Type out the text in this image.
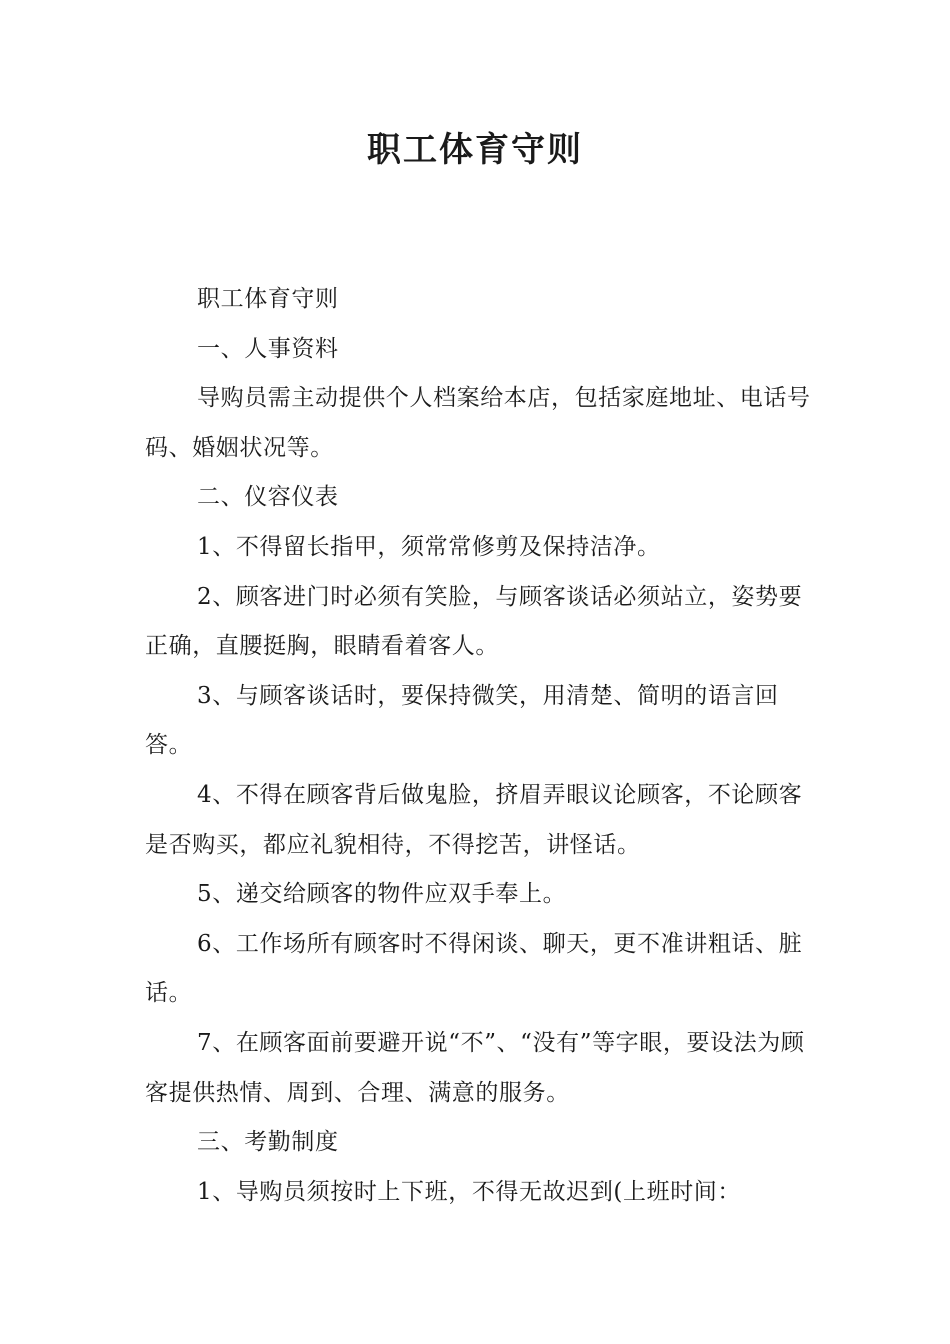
职工体育守则

职工体育守则

一、人事资料

导购员需主动提供个人档案给本店，包括家庭地址、电话号码、婚姻状况等。

二、仪容仪表

1、不得留长指甲，须常常修剪及保持洁净。

2、顾客进门时必须有笑脸，与顾客谈话必须站立，姿势要正确，直腰挺胸，眼睛看着客人。

3、与顾客谈话时，要保持微笑，用清楚、简明的语言回答。

4、不得在顾客背后做鬼脸，挤眉弄眼议论顾客，不论顾客是否购买，都应礼貌相待，不得挖苦，讲怪话。

5、递交给顾客的物件应双手奉上。

6、工作场所有顾客时不得闲谈、聊天，更不准讲粗话、脏话。

7、在顾客面前要避开说“不”、“没有”等字眼，要设法为顾客提供热情、周到、合理、满意的服务。

三、考勤制度

1、导购员须按时上下班，不得无故迟到(上班时间：
